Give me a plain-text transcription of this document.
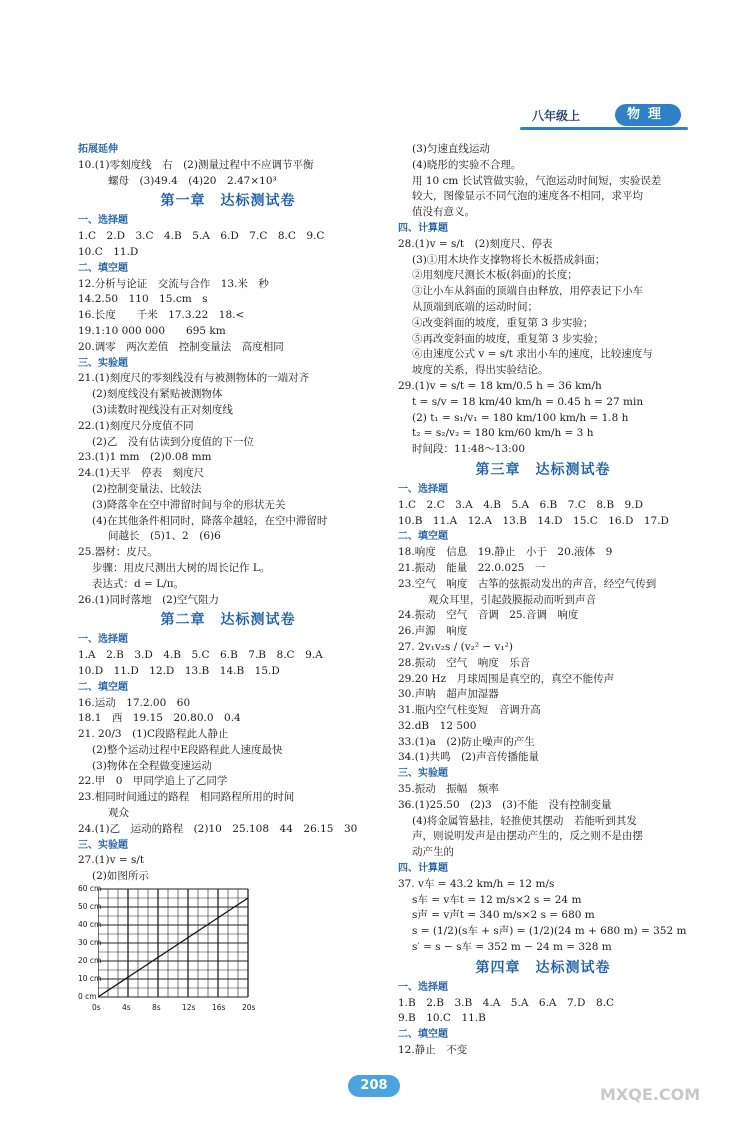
八年级上	物理
拓展延伸
10.(1)零刻度线　右　(2)测量过程中不应调节平衡
螺母　(3)49.4　(4)20　2.47×10³
第一章　达标测试卷
一、选择题
1.C　2.D　3.C　4.B　5.A　6.D　7.C　8.C　9.C
10.C　11.D
二、填空题
12.分析与论证　交流与合作　13.米　秒
14.2.50　110　15.cm　s
16.长度　　千米　17.3.22　18.<
19.1:10 000 000　　695 km
20.调零　两次差值　控制变量法　高度相同
三、实验题
21.(1)刻度尺的零刻线没有与被测物体的一端对齐
(2)刻度线没有紧贴被测物体
(3)读数时视线没有正对刻度线
22.(1)刻度尺分度值不同
(2)乙　没有估读到分度值的下一位
23.(1)1 mm　(2)0.08 mm
24.(1)天平　停表　刻度尺
(2)控制变量法、比较法
(3)降落伞在空中滞留时间与伞的形状无关
(4)在其他条件相同时，降落伞越轻，在空中滞留时
间越长　(5)1、2　(6)6
25.器材：皮尺。
步骤：用皮尺测出大树的周长记作 L。
表达式：d = L/π。
26.(1)同时落地　(2)空气阻力
第二章　达标测试卷
一、选择题
1.A　2.B　3.D　4.B　5.C　6.B　7.B　8.C　9.A
10.D　11.D　12.D　13.B　14.B　15.D
二、填空题
16.运动　17.2.00　60
18.1　西　19.15　20.80.0　0.4
21. 20/3　(1)C段路程此人静止
(2)整个运动过程中E段路程此人速度最快
(3)物体在全程做变速运动
22.甲　0　甲同学追上了乙同学
23.相同时间通过的路程　相同路程所用的时间
观众
24.(1)乙　运动的路程　(2)10　25.108　44　26.15　30
三、实验题
27.(1)v = s/t
(2)如图所示
60 cm
50 cm
40 cm
30 cm
20 cm
10 cm
0 cm
0s	4s	8s	12s 16s 20s
(3)匀速直线运动
(4)晓彤的实验不合理。
用 10 cm 长试管做实验，气泡运动时间短，实验误差
较大，图像显示不同气泡的速度各不相同，求平均
值没有意义。
四、计算题
28.(1)v = s/t　(2)刻度尺、停表
(3)①用木块作支撑物将长木板搭成斜面；
②用刻度尺测长木板(斜面)的长度；
③让小车从斜面的顶端自由释放，用停表记下小车
从顶端到底端的运动时间；
④改变斜面的坡度，重复第 3 步实验；
⑤再改变斜面的坡度，重复第 3 步实验；
⑥由速度公式 v = s/t 求出小车的速度，比较速度与
坡度的关系，得出实验结论。
29.(1)v = s/t = 18 km/0.5 h = 36 km/h
t = s/v = 18 km/40 km/h = 0.45 h = 27 min
(2) t₁ = s₁/v₁ = 180 km/100 km/h = 1.8 h
t₂ = s₂/v₂ = 180 km/60 km/h = 3 h
时间段：11:48～13:00
第三章　达标测试卷
一、选择题
1.C　2.C　3.A　4.B　5.A　6.B　7.C　8.B　9.D
10.B　11.A　12.A　13.B　14.D　15.C　16.D　17.D
二、填空题
18.响度　信息　19.静止　小于　20.液体　9
21.振动　能量　22.0.025　一
23.空气　响度　古筝的弦振动发出的声音，经空气传到
观众耳里，引起鼓膜振动而听到声音
24.振动　空气　音调　25.音调　响度
26.声源　响度
27. 2v₁v₂s / (v₂² − v₁²)
28.振动　空气　响度　乐音
29.20 Hz　月球周围是真空的，真空不能传声
30.声呐　超声加湿器
31.瓶内空气柱变短　音调升高
32.dB　12 500
33.(1)a　(2)防止噪声的产生
34.(1)共鸣　(2)声音传播能量
三、实验题
35.振动　振幅　频率
36.(1)25.50　(2)3　(3)不能　没有控制变量
(4)将金属管悬挂，轻推使其摆动　若能听到其发
声，则说明发声是由摆动产生的，反之则不是由摆
动产生的
四、计算题
37. v车 = 43.2 km/h = 12 m/s
s车 = v车t = 12 m/s×2 s = 24 m
s声 = v声t = 340 m/s×2 s = 680 m
s = (1/2)(s车 + s声) = (1/2)(24 m + 680 m) = 352 m
s′ = s − s车 = 352 m − 24 m = 328 m
第四章　达标测试卷
一、选择题
1.B　2.B　3.B　4.A　5.A　6.A　7.D　8.C
9.B　10.C　11.B
二、填空题
12.静止　不变
208	MXQE.COM
